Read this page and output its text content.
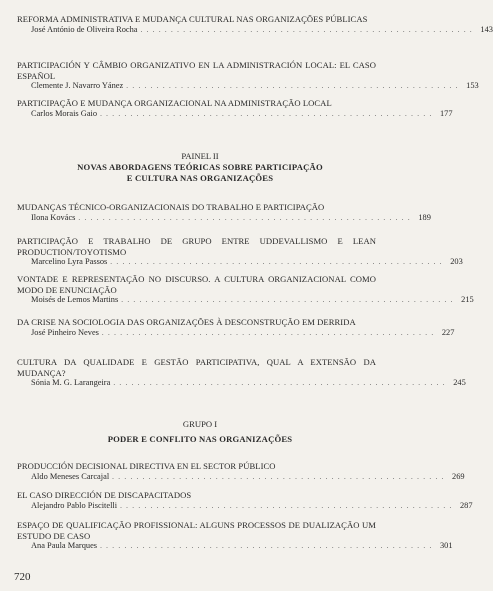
REFORMA ADMINISTRATIVA E MUDANÇA CULTURAL NAS ORGANIZAÇÕES PÚBLICAS
José António de Oliveira Rocha . . . . . . . . . . . . . . . . . . . . . . . . . . . . . . . . . . . . . . . . . . . . . . . . . . . . . . . 143
PARTICIPACIÓN Y CÂMBIO ORGANIZATIVO EN LA ADMINISTRACIÓN LOCAL: EL CASO ESPAÑOL
Clemente J. Navarro Yánez . . . . . . . . . . . . . . . . . . . . . . . . . . . . . . . . . . . . . . . . . . . . . . . . . . . . . . . 153
PARTICIPAÇÃO E MUDANÇA ORGANIZACIONAL NA ADMINISTRAÇÃO LOCAL
Carlos Morais Gaio . . . . . . . . . . . . . . . . . . . . . . . . . . . . . . . . . . . . . . . . . . . . . . . . . . . . . . . 177
PAINEL II
NOVAS ABORDAGENS TEÓRICAS SOBRE PARTICIPAÇÃO
E CULTURA NAS ORGANIZAÇÕES
MUDANÇAS TÉCNICO-ORGANIZACIONAIS DO TRABALHO E PARTICIPAÇÃO
Ilona Kovács . . . . . . . . . . . . . . . . . . . . . . . . . . . . . . . . . . . . . . . . . . . . . . . . . . . . . . . 189
PARTICIPAÇÃO E TRABALHO DE GRUPO ENTRE UDDEVALLISMO E LEAN PRODUCTION/TOYOTISMO
Marcelino Lyra Passos . . . . . . . . . . . . . . . . . . . . . . . . . . . . . . . . . . . . . . . . . . . . . . . . . . . . . . . 203
VONTADE E REPRESENTAÇÃO NO DISCURSO. A CULTURA ORGANIZACIONAL COMO MODO DE ENUNCIAÇÃO
Moisés de Lemos Martins . . . . . . . . . . . . . . . . . . . . . . . . . . . . . . . . . . . . . . . . . . . . . . . . . . . . . . . 215
DA CRISE NA SOCIOLOGIA DAS ORGANIZAÇÕES À DESCONSTRUÇÃO EM DERRIDA
José Pinheiro Neves . . . . . . . . . . . . . . . . . . . . . . . . . . . . . . . . . . . . . . . . . . . . . . . . . . . . . . . 227
CULTURA DA QUALIDADE E GESTÃO PARTICIPATIVA, QUAL A EXTENSÃO DA MUDANÇA?
Sónia M. G. Larangeira . . . . . . . . . . . . . . . . . . . . . . . . . . . . . . . . . . . . . . . . . . . . . . . . . . . . . . . 245
GRUPO I
PODER E CONFLITO NAS ORGANIZAÇÕES
PRODUCCIÓN DECISIONAL DIRECTIVA EN EL SECTOR PÚBLICO
Aldo Meneses Carcajal . . . . . . . . . . . . . . . . . . . . . . . . . . . . . . . . . . . . . . . . . . . . . . . . . . . . . . . 269
EL CASO DIRECCIÓN DE DISCAPACITADOS
Alejandro Pablo Piscitelli . . . . . . . . . . . . . . . . . . . . . . . . . . . . . . . . . . . . . . . . . . . . . . . . . . . . . . . 287
ESPAÇO DE QUALIFICAÇÃO PROFISSIONAL: ALGUNS PROCESSOS DE DUALIZAÇÃO UM ESTUDO DE CASO
Ana Paula Marques . . . . . . . . . . . . . . . . . . . . . . . . . . . . . . . . . . . . . . . . . . . . . . . . . . . . . . . 301
720
